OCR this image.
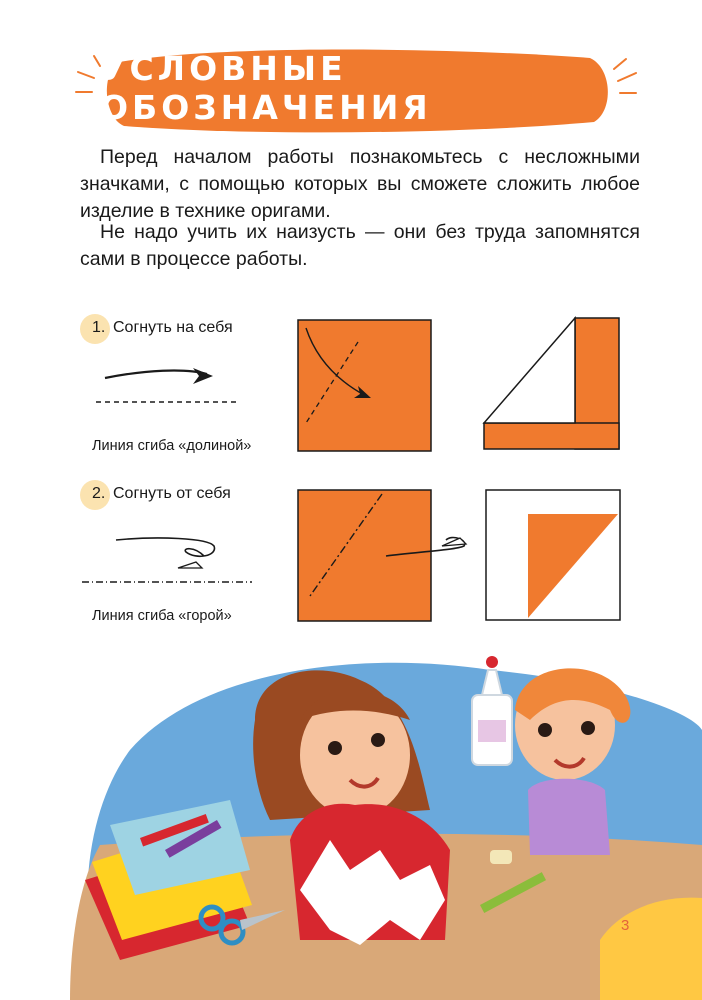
УСЛОВНЫЕ ОБОЗНАЧЕНИЯ
Перед началом работы познакомьтесь с несложными значками, с помощью которых вы сможете сложить любое изделие в технике оригами.
Не надо учить их наизусть — они без труда запомнятся сами в процессе работы.
1. Согнуть на себя
Линия сгиба «долиной»
2. Согнуть от себя
Линия сгиба «горой»
3
